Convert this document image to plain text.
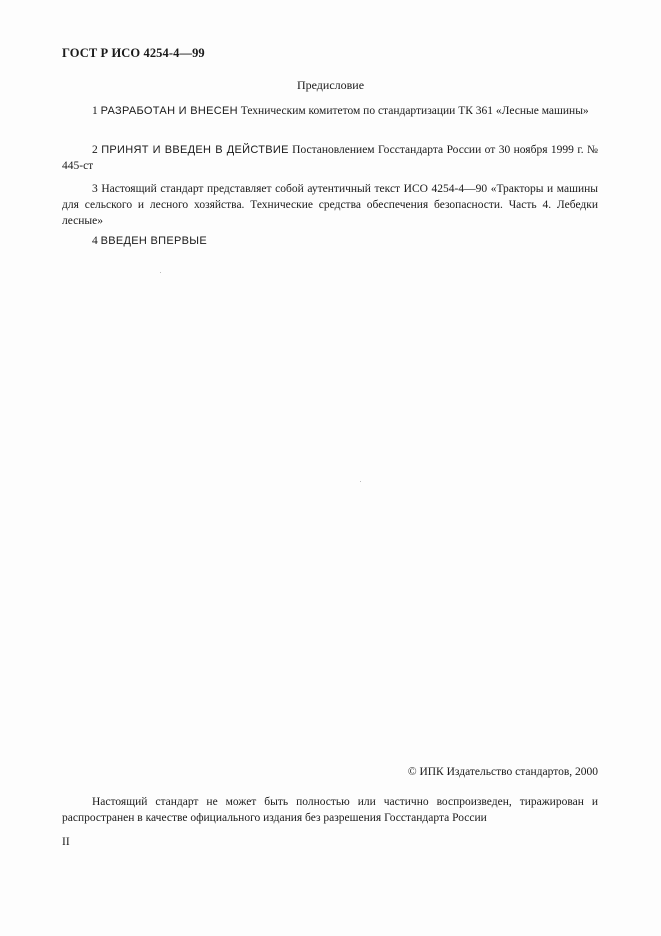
ГОСТ Р ИСО 4254-4—99
Предисловие
1 РАЗРАБОТАН И ВНЕСЕН Техническим комитетом по стандартизации ТК 361 «Лесные машины»
2 ПРИНЯТ И ВВЕДЕН В ДЕЙСТВИЕ Постановлением Госстандарта России от 30 ноября 1999 г. № 445-ст
3 Настоящий стандарт представляет собой аутентичный текст ИСО 4254-4—90 «Тракторы и машины для сельского и лесного хозяйства. Технические средства обеспечения безопасности. Часть 4. Лебедки лесные»
4 ВВЕДЕН ВПЕРВЫЕ
© ИПК Издательство стандартов, 2000
Настоящий стандарт не может быть полностью или частично воспроизведен, тиражирован и распространен в качестве официального издания без разрешения Госстандарта России
II
